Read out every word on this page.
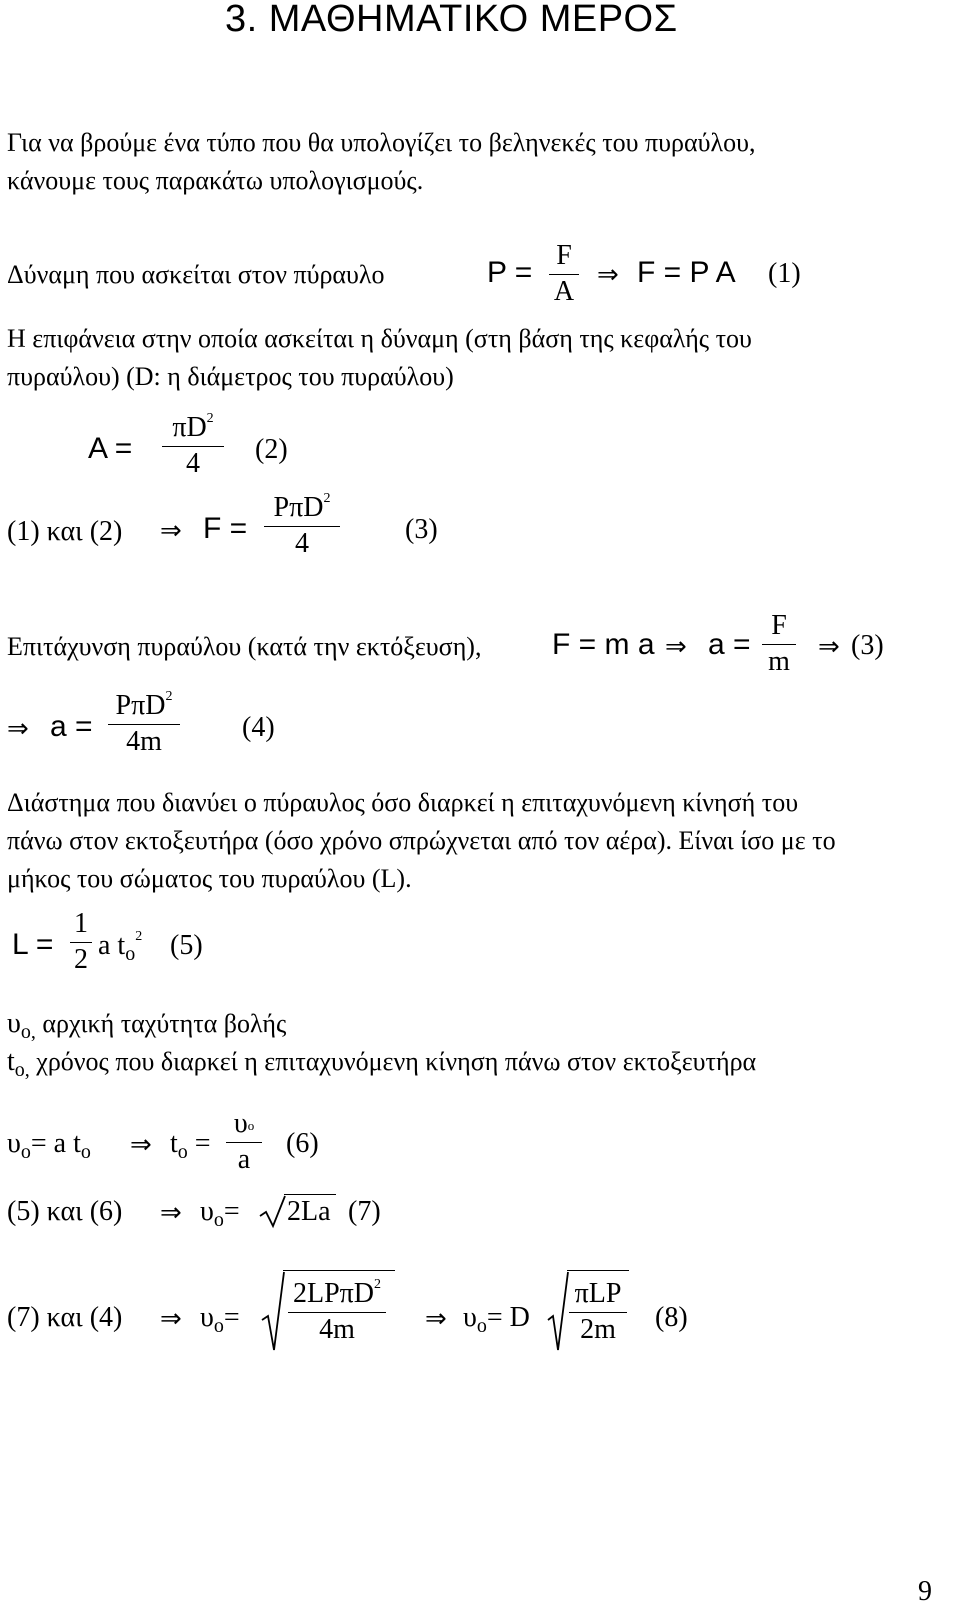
3. ΜΑΘΗΜΑΤΙΚΟ ΜΕΡΟΣ
Για να βρούμε ένα τύπο που θα υπολογίζει το βεληνεκές του πυραύλου,
κάνουμε τους παρακάτω υπολογισμούς.
Δύναμη που ασκείται στον πύραυλο	P =
F
A
⇒ F = P A (1)
Η επιφάνεια στην οποία ασκείται η δύναμη (στη βάση της κεφαλής του
πυραύλου) (D: η διάμετρος του πυραύλου)
A =
$\pi D^2$
4 (2)
(1) και (2) ⇒ F =
PπD$^2$
4	(3)
Επιτάχυνση πυραύλου (κατά την εκτόξευση), F = m a ⇒ a =
F
m ⇒ (3)
⇒ a =
PπD$^2$
4m	(4)
Διάστημα που διανύει ο πύραυλος όσο διαρκεί η επιταχυνόμενη κίνησή του
πάνω στον εκτοξευτήρα (όσο χρόνο σπρώχνεται από τον αέρα). Είναι ίσο με το
μήκος του σώματος του πυραύλου (L).
L =
1
2 a $t_o^2$ (5)
$\upsilon_{o,}$ αρχική ταχύτητα βολής
$t_{o,}$ χρόνος που διαρκεί η επιταχυνόμενη κίνηση πάνω στον εκτοξευτήρα
$\upsilon_o= a$ $t_o$ ⇒ $t_o$ =
υo
a
(6)
(5) και (6) ⇒ $\upsilon_o= 2La$ (7)
(7) και (4) ⇒ $\upsilon_o=$
2LPπD$^2$
4m	⇒ $\upsilon_o= D$
πLP
2m (8)
9
